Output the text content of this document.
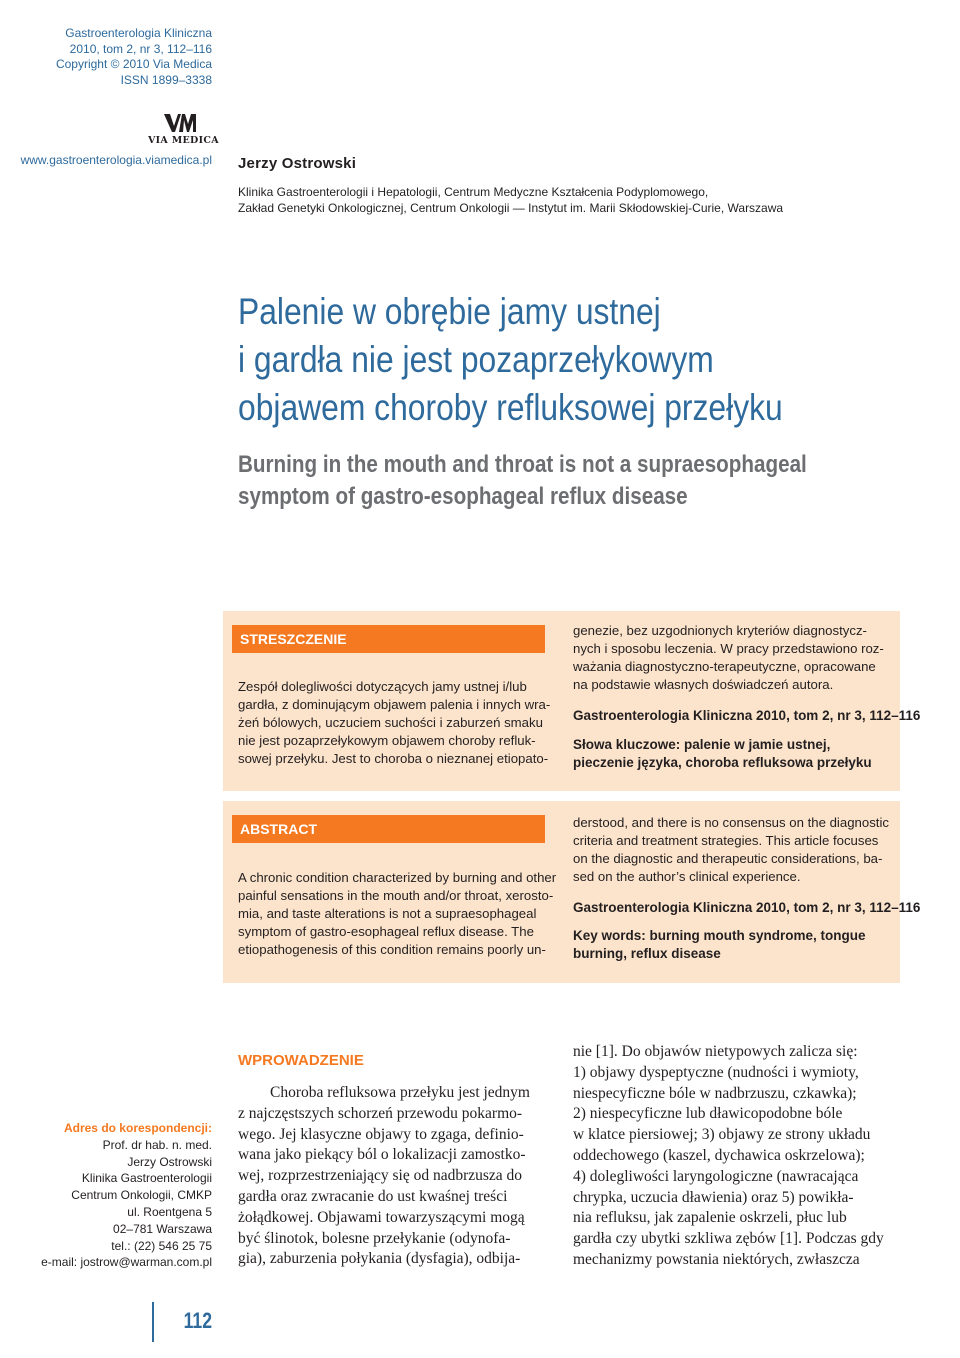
Gastroenterologia Kliniczna
2010, tom 2, nr 3, 112–116
Copyright © 2010 Via Medica
ISSN 1899–3338
VIA MEDICA
www.gastroenterologia.viamedica.pl Jerzy Ostrowski
Klinika Gastroenterologii i Hepatologii, Centrum Medyczne Kształcenia Podyplomowego,
Zakład Genetyki Onkologicznej, Centrum Onkologii — Instytut im. Marii Skłodowskiej-Curie, Warszawa
Palenie w obrębie jamy ustnej
i gardła nie jest pozaprzełykowym
objawem choroby refluksowej przełyku
Burning in the mouth and throat is not a supraesophageal
symptom of gastro-esophageal reflux disease
STRESZCZENIE
Zespół dolegliwości dotyczących jamy ustnej i/lub
gardła, z dominującym objawem palenia i innych wra-
żeń bólowych, uczuciem suchości i zaburzeń smaku
nie jest pozaprzełykowym objawem choroby refluk-
sowej przełyku. Jest to choroba o nieznanej etiopato-
genezie, bez uzgodnionych kryteriów diagnostycz-
nych i sposobu leczenia. W pracy przedstawiono roz-
ważania diagnostyczno-terapeutyczne, opracowane
na podstawie własnych doświadczeń autora.
Gastroenterologia Kliniczna 2010, tom 2, nr 3, 112–116
Słowa kluczowe: palenie w jamie ustnej,
pieczenie języka, choroba refluksowa przełyku
ABSTRACT
A chronic condition characterized by burning and other
painful sensations in the mouth and/or throat, xerosto-
mia, and taste alterations is not a supraesophageal
symptom of gastro-esophageal reflux disease. The
etiopathogenesis of this condition remains poorly un-
derstood, and there is no consensus on the diagnostic
criteria and treatment strategies. This article focuses
on the diagnostic and therapeutic considerations, ba-
sed on the author’s clinical experience.
Gastroenterologia Kliniczna 2010, tom 2, nr 3, 112–116
Key words: burning mouth syndrome, tongue
burning, reflux disease
Adres do korespondencji:
Prof. dr hab. n. med.
Jerzy Ostrowski
Klinika Gastroenterologii
Centrum Onkologii, CMKP
ul. Roentgena 5
02–781 Warszawa
tel.: (22) 546 25 75
e-mail: jostrow@warman.com.pl
WPROWADZENIE
Choroba refluksowa przełyku jest jednym
z najczęstszych schorzeń przewodu pokarmo-
wego. Jej klasyczne objawy to zgaga, definio-
wana jako piekący ból o lokalizacji zamostko-
wej, rozprzestrzeniający się od nadbrzusza do
gardła oraz zwracanie do ust kwaśnej treści
żołądkowej. Objawami towarzyszącymi mogą
być ślinotok, bolesne przełykanie (odynofa-
gia), zaburzenia połykania (dysfagia), odbija-
nie [1]. Do objawów nietypowych zalicza się:
1) objawy dyspeptyczne (nudności i wymioty,
niespecyficzne bóle w nadbrzuszu, czkawka);
2) niespecyficzne lub dławicopodobne bóle
w klatce piersiowej; 3) objawy ze strony układu
oddechowego (kaszel, dychawica oskrzelowa);
4) dolegliwości laryngologiczne (nawracająca
chrypka, uczucia dławienia) oraz 5) powikła-
nia refluksu, jak zapalenie oskrzeli, płuc lub
gardła czy ubytki szkliwa zębów [1]. Podczas gdy
mechanizmy powstania niektórych, zwłaszcza
112
